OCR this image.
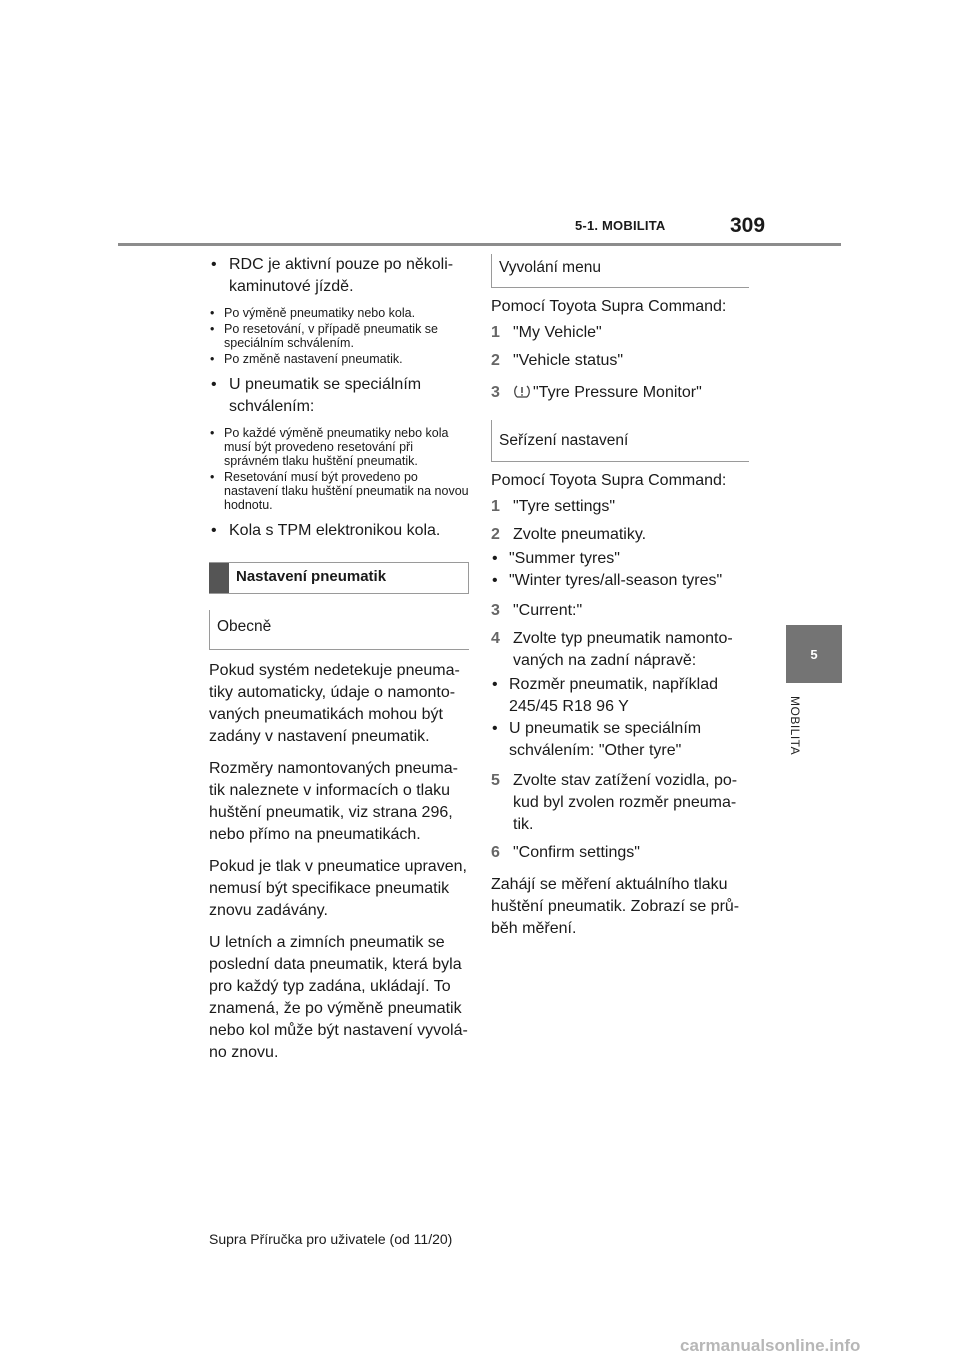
5-1. MOBILITA	309
5
MOBILITA
• RDC je aktivní pouze po několi-kaminutové jízdě.
• Po výměně pneumatiky nebo kola.
• Po resetování, v případě pneumatik se speciálním schválením.
• Po změně nastavení pneumatik.
• U pneumatik se speciálním schválením:
• Po každé výměně pneumatiky nebo kola musí být provedeno resetování při správném tlaku huštění pneumatik.
• Resetování musí být provedeno po nastavení tlaku huštění pneumatik na novou hodnotu.
• Kola s TPM elektronikou kola.
Nastavení pneumatik
Obecně
Pokud systém nedetekuje pneuma-tiky automaticky, údaje o namonto-vaných pneumatikách mohou být zadány v nastavení pneumatik.
Rozměry namontovaných pneuma-tik naleznete v informacích o tlaku huštění pneumatik, viz strana 296, nebo přímo na pneumatikách.
Pokud je tlak v pneumatice upraven, nemusí být specifikace pneumatik znovu zadávány.
U letních a zimních pneumatik se poslední data pneumatik, která byla pro každý typ zadána, ukládají. To znamená, že po výměně pneumatik nebo kol může být nastavení vyvolá-no znovu.
Vyvolání menu
Pomocí Toyota Supra Command:
1 "My Vehicle"
2 "Vehicle status"
3 "Tyre Pressure Monitor"
Seřízení nastavení
Pomocí Toyota Supra Command:
1 "Tyre settings"
2 Zvolte pneumatiky.
• "Summer tyres"
• "Winter tyres/all-season tyres"
3 "Current:"
4 Zvolte typ pneumatik namonto-vaných na zadní nápravě:
• Rozměr pneumatik, například 245/45 R18 96 Y
• U pneumatik se speciálním schválením: "Other tyre"
5 Zvolte stav zatížení vozidla, po-kud byl zvolen rozměr pneuma-tik.
6 "Confirm settings"
Zahájí se měření aktuálního tlaku huštění pneumatik. Zobrazí se prů-běh měření.
Supra Příručka pro uživatele (od 11/20)
carmanualsonline.info
